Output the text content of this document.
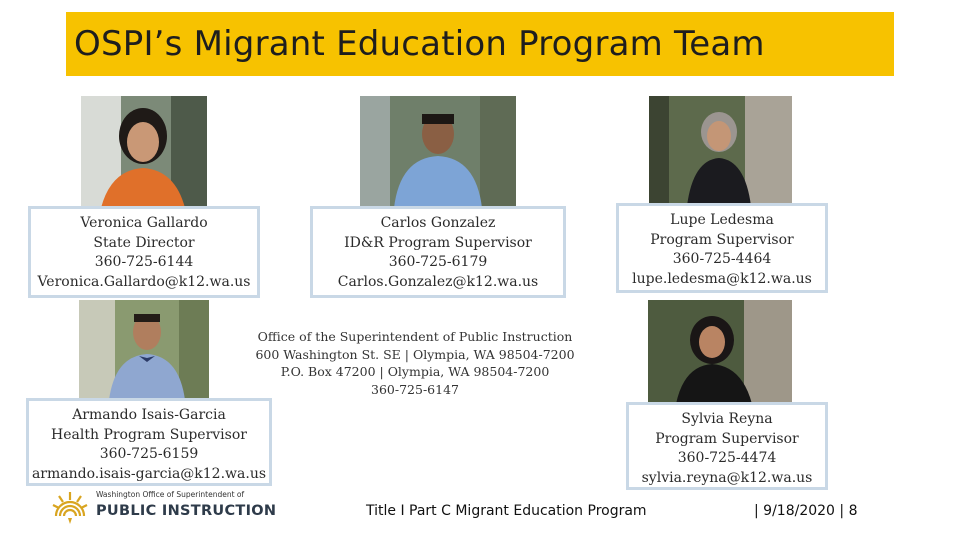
OSPI’s Migrant Education Program Team
Veronica Gallardo
State Director
360-725-6144
Veronica.Gallardo@k12.wa.us
Carlos Gonzalez
ID&R Program Supervisor
360-725-6179
Carlos.Gonzalez@k12.wa.us
Lupe Ledesma
Program Supervisor
360-725-4464
lupe.ledesma@k12.wa.us
Armando Isais-Garcia
Health Program Supervisor
360-725-6159
armando.isais-garcia@k12.wa.us
Sylvia Reyna
Program Supervisor
360-725-4474
sylvia.reyna@k12.wa.us
Office of the Superintendent of Public Instruction
600 Washington St. SE | Olympia, WA 98504-7200
P.O. Box 47200 | Olympia, WA 98504-7200
360-725-6147
Washington Office of Superintendent of
PUBLIC INSTRUCTION	Title I Part C Migrant Education Program	| 9/18/2020 | 8
